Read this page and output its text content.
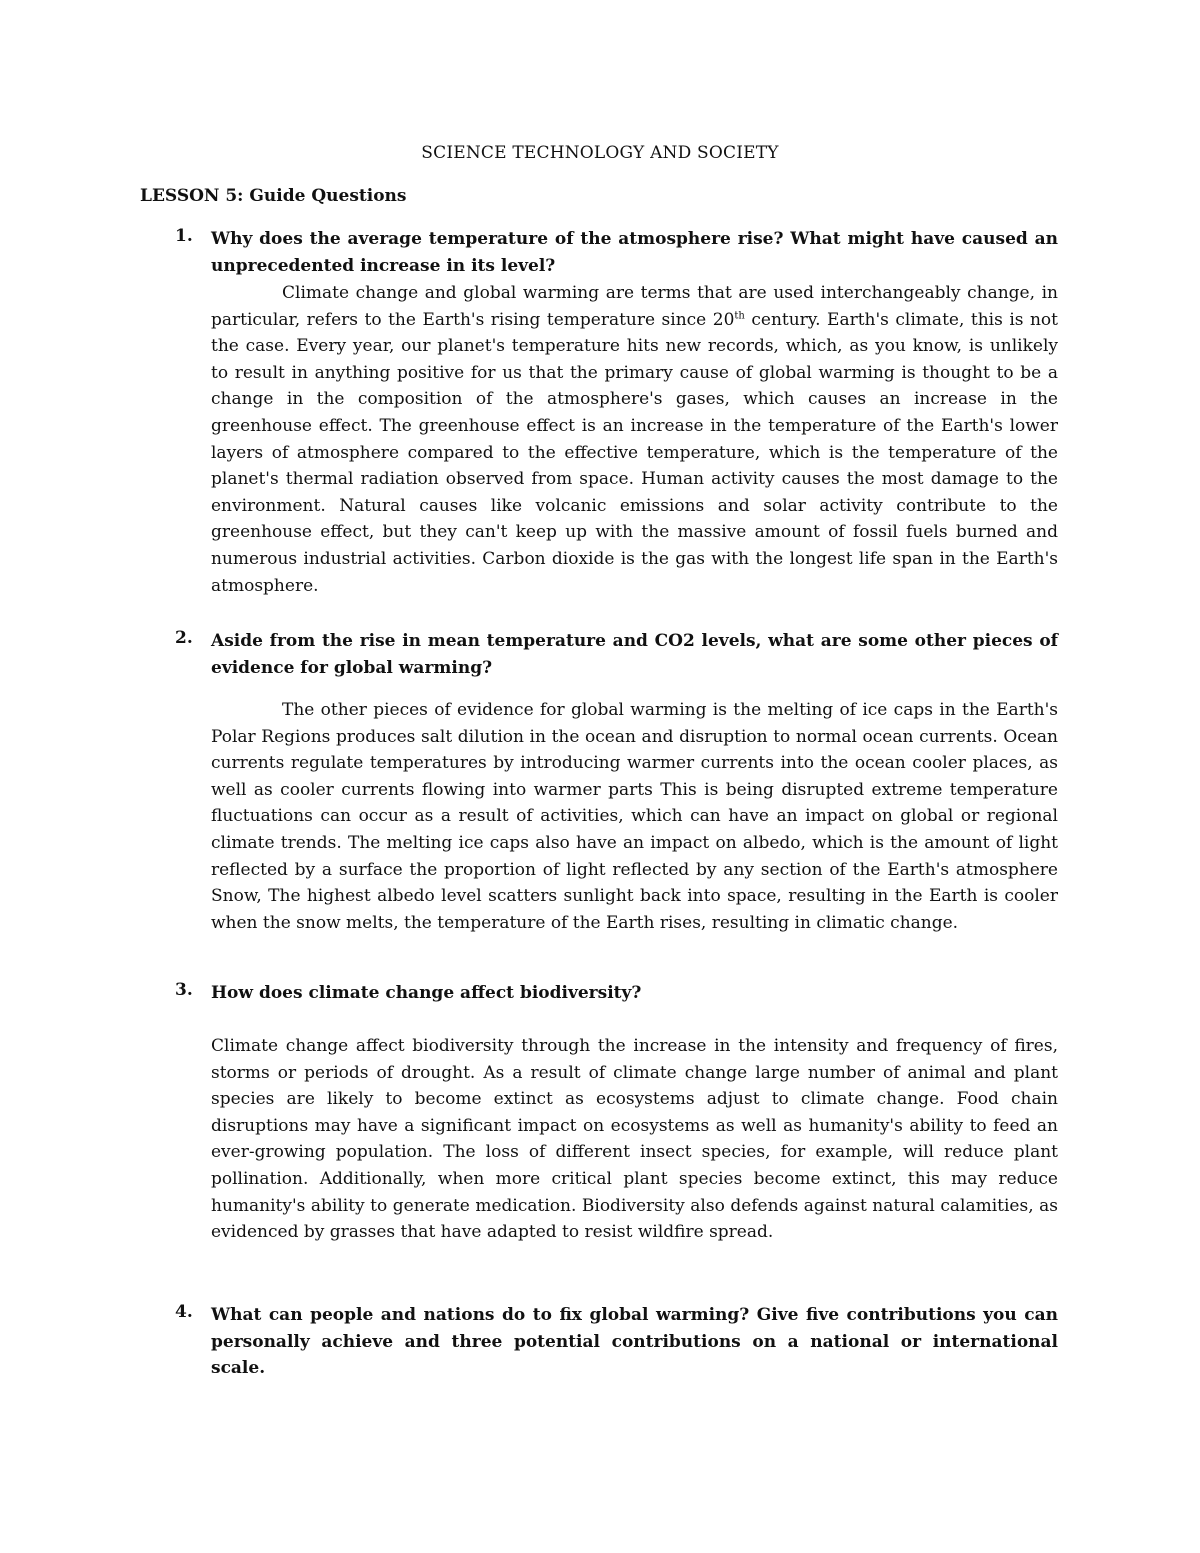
SCIENCE TECHNOLOGY AND SOCIETY
LESSON 5: Guide Questions
1. Why does the average temperature of the atmosphere rise? What might have caused an unprecedented increase in its level?
Climate change and global warming are terms that are used interchangeably change, in particular, refers to the Earth's rising temperature since 20th century. Earth's climate, this is not the case. Every year, our planet's temperature hits new records, which, as you know, is unlikely to result in anything positive for us that the primary cause of global warming is thought to be a change in the composition of the atmosphere's gases, which causes an increase in the greenhouse effect. The greenhouse effect is an increase in the temperature of the Earth's lower layers of atmosphere compared to the effective temperature, which is the temperature of the planet's thermal radiation observed from space. Human activity causes the most damage to the environment. Natural causes like volcanic emissions and solar activity contribute to the greenhouse effect, but they can't keep up with the massive amount of fossil fuels burned and numerous industrial activities. Carbon dioxide is the gas with the longest life span in the Earth's atmosphere.
2. Aside from the rise in mean temperature and CO2 levels, what are some other pieces of evidence for global warming?
The other pieces of evidence for global warming is the melting of ice caps in the Earth's Polar Regions produces salt dilution in the ocean and disruption to normal ocean currents. Ocean currents regulate temperatures by introducing warmer currents into the ocean cooler places, as well as cooler currents flowing into warmer parts This is being disrupted extreme temperature fluctuations can occur as a result of activities, which can have an impact on global or regional climate trends. The melting ice caps also have an impact on albedo, which is the amount of light reflected by a surface the proportion of light reflected by any section of the Earth's atmosphere Snow, The highest albedo level scatters sunlight back into space, resulting in the Earth is cooler when the snow melts, the temperature of the Earth rises, resulting in climatic change.
3. How does climate change affect biodiversity?
Climate change affect biodiversity through the increase in the intensity and frequency of fires, storms or periods of drought. As a result of climate change large number of animal and plant species are likely to become extinct as ecosystems adjust to climate change. Food chain disruptions may have a significant impact on ecosystems as well as humanity's ability to feed an ever-growing population. The loss of different insect species, for example, will reduce plant pollination. Additionally, when more critical plant species become extinct, this may reduce humanity's ability to generate medication. Biodiversity also defends against natural calamities, as evidenced by grasses that have adapted to resist wildfire spread.
4. What can people and nations do to fix global warming? Give five contributions you can personally achieve and three potential contributions on a national or international scale.
